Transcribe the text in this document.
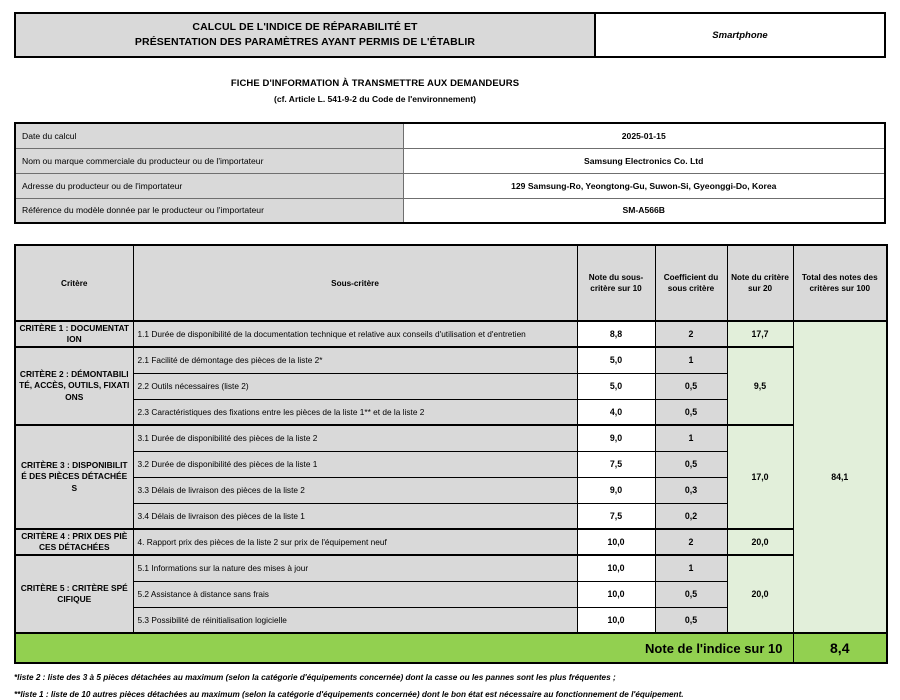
CALCUL DE L'INDICE DE RÉPARABILITÉ ET
PRÉSENTATION DES PARAMÈTRES AYANT PERMIS DE L'ÉTABLIR
Smartphone
FICHE D'INFORMATION À TRANSMETTRE AUX DEMANDEURS
(cf. Article L. 541-9-2 du Code de l'environnement)
Date du calcul	2025-01-15
Nom ou marque commerciale du producteur ou de l'importateur	Samsung Electronics Co. Ltd
Adresse du producteur ou de l'importateur	129 Samsung-Ro, Yeongtong-Gu, Suwon-Si, Gyeonggi-Do, Korea
Référence du modèle donnée par le producteur ou l'importateur	SM-A566B
Critère	Sous-critère	Note du sous-critère sur 10	Coefficient du sous critère	Note du critère sur 20	Total des notes des critères sur 100
CRITÈRE 1 : DOCUMENTATION	1.1 Durée de disponibilité de la documentation technique et relative aux conseils d'utilisation et d'entretien	8,8	2	17,7	84,1
CRITÈRE 2 : DÉMONTABILITÉ, ACCÈS, OUTILS, FIXATIONS	2.1 Facilité de démontage des pièces de la liste 2*	5,0	1	9,5	
	2.2 Outils nécessaires (liste 2)	5,0	0,5		
	2.3 Caractéristiques des fixations entre les pièces de la liste 1** et de la liste 2	4,0	0,5		
CRITÈRE 3 : DISPONIBILITÉ DES PIÈCES DÉTACHÉES	3.1 Durée de disponibilité des pièces de la liste 2	9,0	1	17,0	
	3.2 Durée de disponibilité des pièces de la liste 1	7,5	0,5		
	3.3 Délais de livraison des pièces de la liste 2	9,0	0,3		
	3.4 Délais de livraison des pièces de la liste 1	7,5	0,2		
CRITÈRE 4 : PRIX DES PIÈCES DÉTACHÉES	4. Rapport prix des pièces de la liste 2 sur prix de l'équipement neuf	10,0	2	20,0	
CRITÈRE 5 : CRITÈRE SPÉCIFIQUE	5.1 Informations sur la nature des mises à jour	10,0	1	20,0	
	5.2 Assistance à distance sans frais	10,0	0,5		
	5.3 Possibilité de réinitialisation logicielle	10,0	0,5		
Note de l'indice sur 10					8,4

*liste 2 : liste des 3 à 5 pièces détachées au maximum (selon la catégorie d'équipements concernée) dont la casse ou les pannes sont les plus fréquentes ;

**liste 1 : liste de 10 autres pièces détachées au maximum (selon la catégorie d'équipements concernée) dont le bon état est nécessaire au fonctionnement de l'équipement.
